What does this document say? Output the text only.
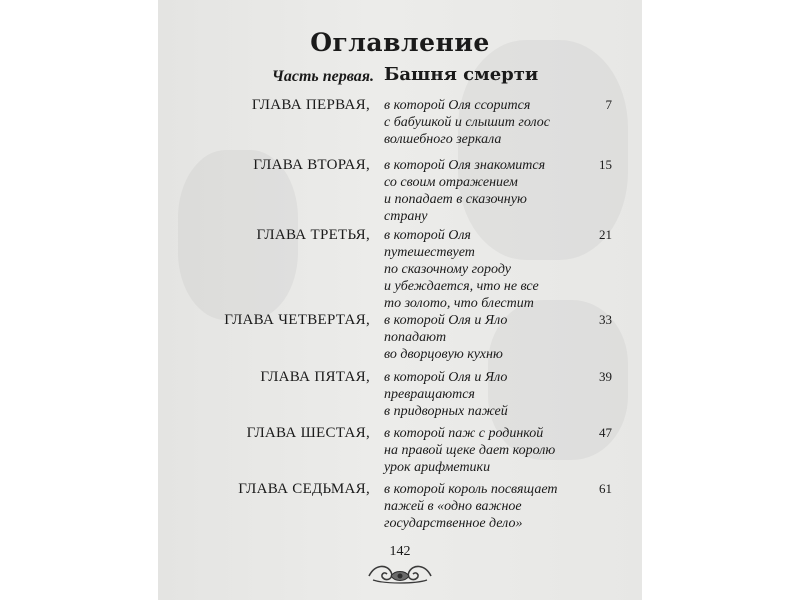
Оглавление
Часть первая. Башня смерти
ГЛАВА ПЕРВАЯ, в которой Оля ссорится
с бабушкой и слышит голос
волшебного зеркала
7
ГЛАВА ВТОРАЯ, в которой Оля знакомится
со своим отражением
и попадает в сказочную
страну
15
ГЛАВА ТРЕТЬЯ, в которой Оля
путешествует
по сказочному городу
и убеждается, что не все
то золото, что блестит
21
ГЛАВА ЧЕТВЕРТАЯ, в которой Оля и Яло
попадают
во дворцовую кухню
33
ГЛАВА ПЯТАЯ, в которой Оля и Яло
превращаются
в придворных пажей
39
ГЛАВА ШЕСТАЯ, в которой паж с родинкой
на правой щеке дает королю
урок арифметики
47
ГЛАВА СЕДЬМАЯ, в которой король посвящает
пажей в «одно важное
государственное дело»
61
142
